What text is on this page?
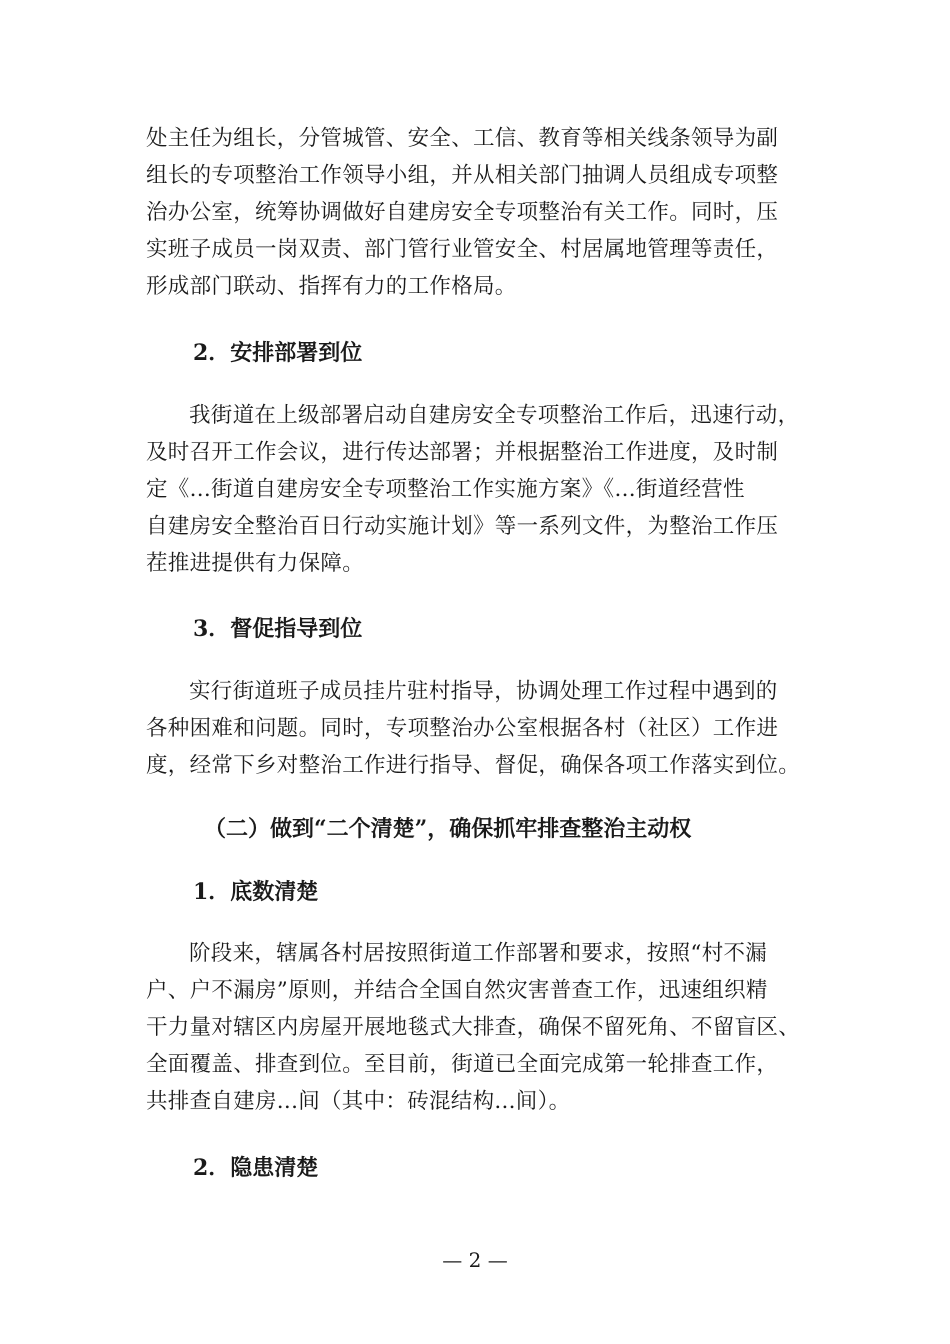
处主任为组长，分管城管、安全、工信、教育等相关线条领导为副
组长的专项整治工作领导小组，并从相关部门抽调人员组成专项整
治办公室，统筹协调做好自建房安全专项整治有关工作。同时，压
实班子成员一岗双责、部门管行业管安全、村居属地管理等责任，
形成部门联动、指挥有力的工作格局。

2．安排部署到位

我街道在上级部署启动自建房安全专项整治工作后，迅速行动，
及时召开工作会议，进行传达部署；并根据整治工作进度，及时制
定《...街道自建房安全专项整治工作实施方案》《...街道经营性
自建房安全整治百日行动实施计划》等一系列文件，为整治工作压
茬推进提供有力保障。

3．督促指导到位

实行街道班子成员挂片驻村指导，协调处理工作过程中遇到的
各种困难和问题。同时，专项整治办公室根据各村（社区）工作进
度，经常下乡对整治工作进行指导、督促，确保各项工作落实到位。

（二）做到“二个清楚”，确保抓牢排查整治主动权
1．底数清楚

阶段来，辖属各村居按照街道工作部署和要求，按照“村不漏
户、户不漏房”原则，并结合全国自然灾害普查工作，迅速组织精
干力量对辖区内房屋开展地毯式大排查，确保不留死角、不留盲区、
全面覆盖、排查到位。至目前，街道已全面完成第一轮排查工作，
共排查自建房...间（其中：砖混结构...间）。

2．隐患清楚
— 2 —
